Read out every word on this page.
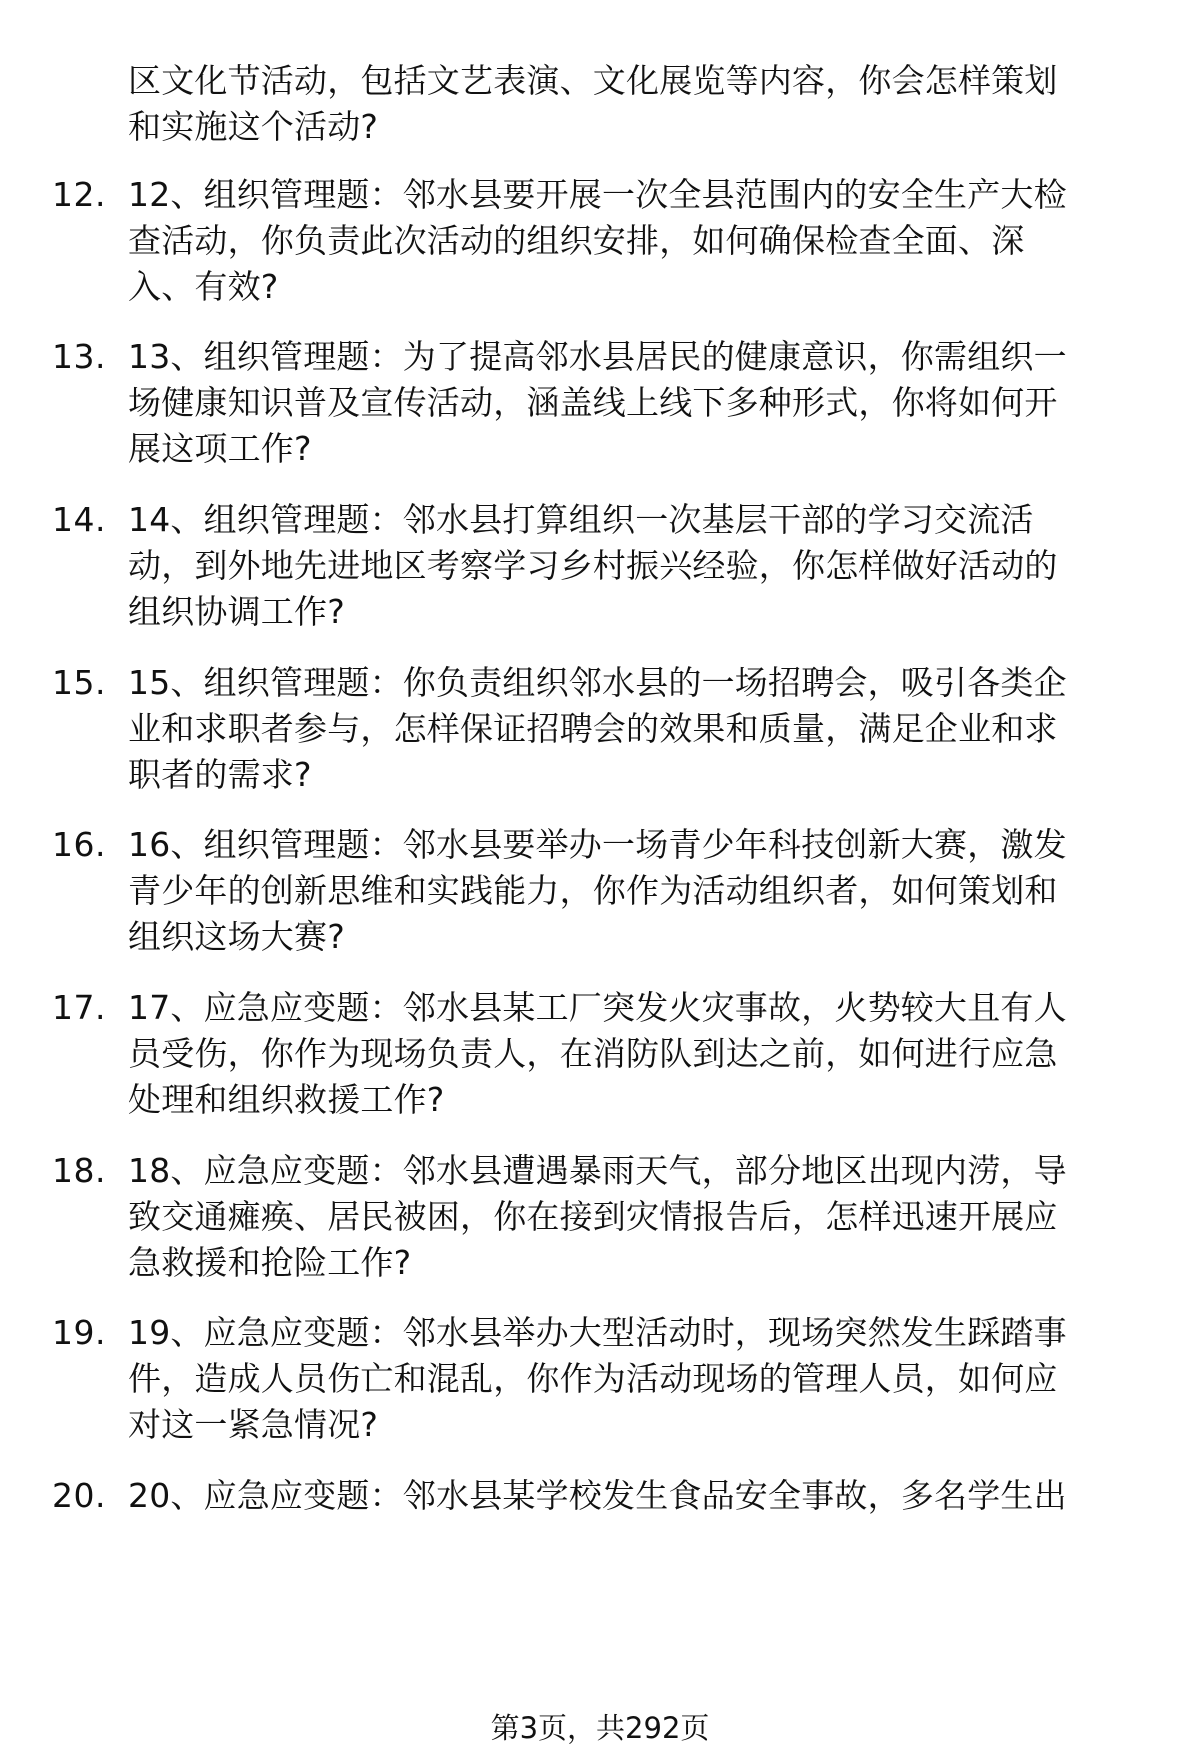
区文化节活动，包括文艺表演、文化展览等内容，你会怎样策划
和实施这个活动?
12. 12、组织管理题：邻水县要开展一次全县范围内的安全生产大检
查活动，你负责此次活动的组织安排，如何确保检查全面、深
入、有效?
13. 13、组织管理题：为了提高邻水县居民的健康意识，你需组织一
场健康知识普及宣传活动，涵盖线上线下多种形式，你将如何开
展这项工作?
14. 14、组织管理题：邻水县打算组织一次基层干部的学习交流活
动，到外地先进地区考察学习乡村振兴经验，你怎样做好活动的
组织协调工作?
15. 15、组织管理题：你负责组织邻水县的一场招聘会，吸引各类企
业和求职者参与，怎样保证招聘会的效果和质量，满足企业和求
职者的需求?
16. 16、组织管理题：邻水县要举办一场青少年科技创新大赛，激发
青少年的创新思维和实践能力，你作为活动组织者，如何策划和
组织这场大赛?
17. 17、应急应变题：邻水县某工厂突发火灾事故，火势较大且有人
员受伤，你作为现场负责人，在消防队到达之前，如何进行应急
处理和组织救援工作?
18. 18、应急应变题：邻水县遭遇暴雨天气，部分地区出现内涝，导
致交通瘫痪、居民被困，你在接到灾情报告后，怎样迅速开展应
急救援和抢险工作?
19. 19、应急应变题：邻水县举办大型活动时，现场突然发生踩踏事
件，造成人员伤亡和混乱，你作为活动现场的管理人员，如何应
对这一紧急情况?
20. 20、应急应变题：邻水县某学校发生食品安全事故，多名学生出
第3页，共292页
